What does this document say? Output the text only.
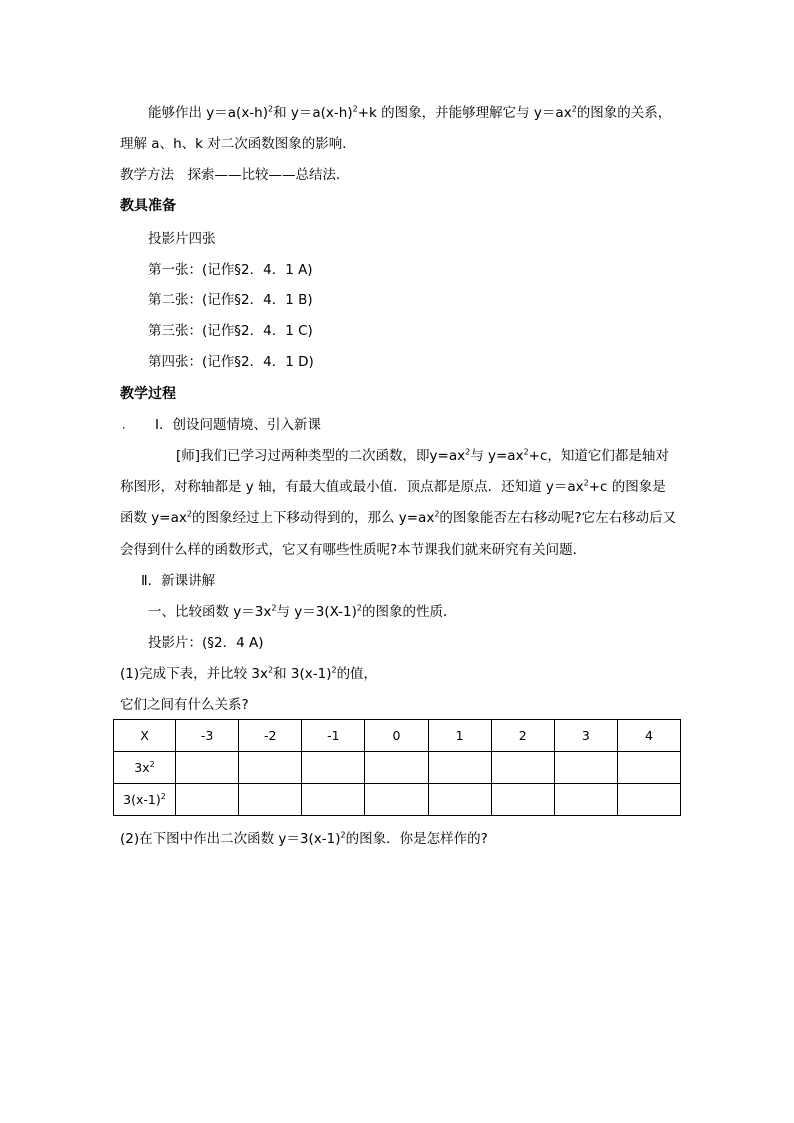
能够作出 $y=a(x-h)^2$和 $y=a(x-h)^2+k$ 的图象，并能够理解它与 $y=ax^2$的图象的关系，
理解 a、h、k 对二次函数图象的影响．
教学方法　探索——比较——总结法．
教具准备
投影片四张
第一张：(记作§2．4．1 A)
第二张：(记作§2．4．1 B)
第三张：(记作§2．4．1 C)
第四张：(记作§2．4．1 D)
教学过程
． Ⅰ．创设问题情境、引入新课
[师]我们已学习过两种类型的二次函数，即$y=ax^2$与 $y=ax^2+c$，知道它们都是轴对
称图形，对称轴都是 y 轴，有最大值或最小值．顶点都是原点．还知道 $y=ax^2+c$ 的图象是
函数 $y=ax^2$的图象经过上下移动得到的，那么 $y=ax^2$的图象能否左右移动呢?它左右移动后又
会得到什么样的函数形式，它又有哪些性质呢?本节课我们就来研究有关问题．
Ⅱ．新课讲解
一、比较函数 $y=3x^2$与 $y=3(X-1)^2$的图象的性质．
投影片：(§2．4 A)
(1)完成下表，并比较 $3x^2$和 $3(x-1)^2$的值，
它们之间有什么关系?
X	-3	-2	-1	0	1	2	3	4
$3x^2$								
$3(x-1)^2$								
(2)在下图中作出二次函数 $y=3(x-1)^2$的图象．你是怎样作的?
